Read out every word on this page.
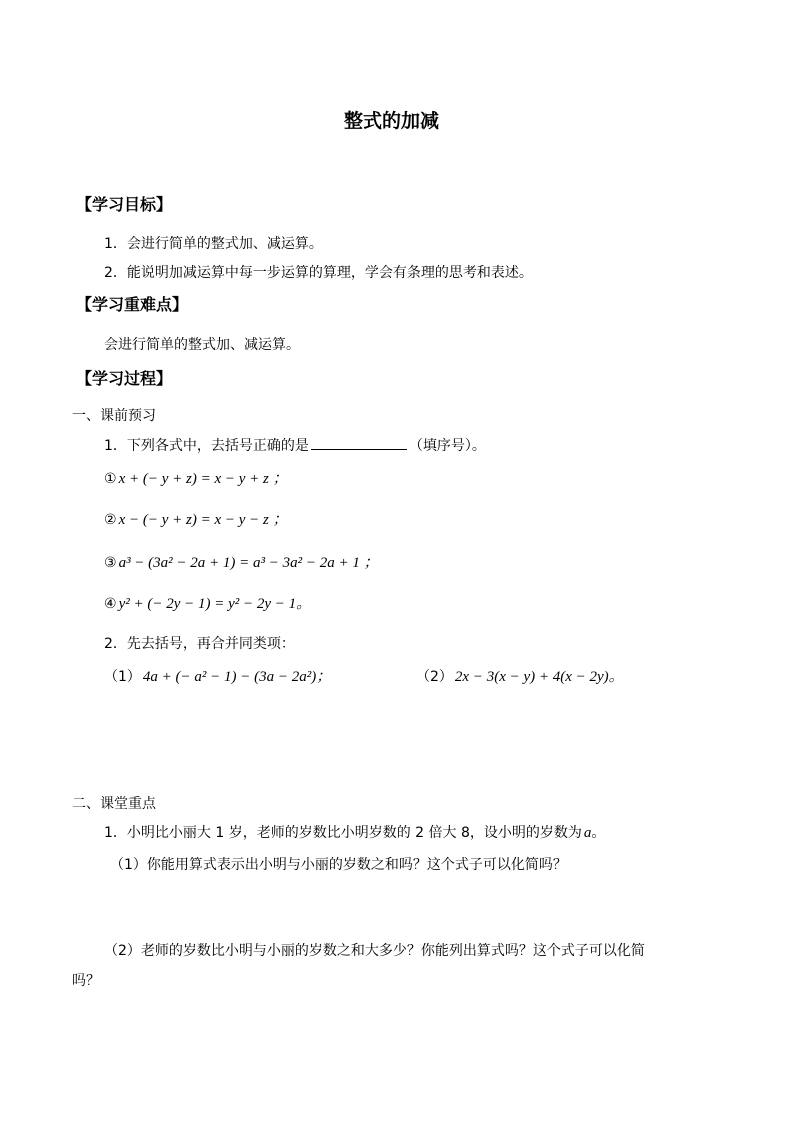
整式的加减
【学习目标】
1．会进行简单的整式加、减运算。
2．能说明加减运算中每一步运算的算理，学会有条理的思考和表述。
【学习重难点】
会进行简单的整式加、减运算。
【学习过程】
一、课前预习
1．下列各式中，去括号正确的是	（填序号）。
① x + (− y + z) = x − y + z ；
② x − (− y + z) = x − y − z ；
③ a³ − (3a² − 2a + 1) = a³ − 3a² − 2a + 1 ；
④ y² + (− 2y − 1) = y² − 2y − 1。
2．先去括号，再合并同类项：
（1） 4a + (− a² − 1) − (3a − 2a²)；	（2） 2x − 3(x − y) + 4(x − 2y)。
二、课堂重点
1．小明比小丽大 1 岁，老师的岁数比小明岁数的 2 倍大 8，设小明的岁数为 a。
（1）你能用算式表示出小明与小丽的岁数之和吗？这个式子可以化简吗？
（2）老师的岁数比小明与小丽的岁数之和大多少？你能列出算式吗？这个式子可以化简
吗？
